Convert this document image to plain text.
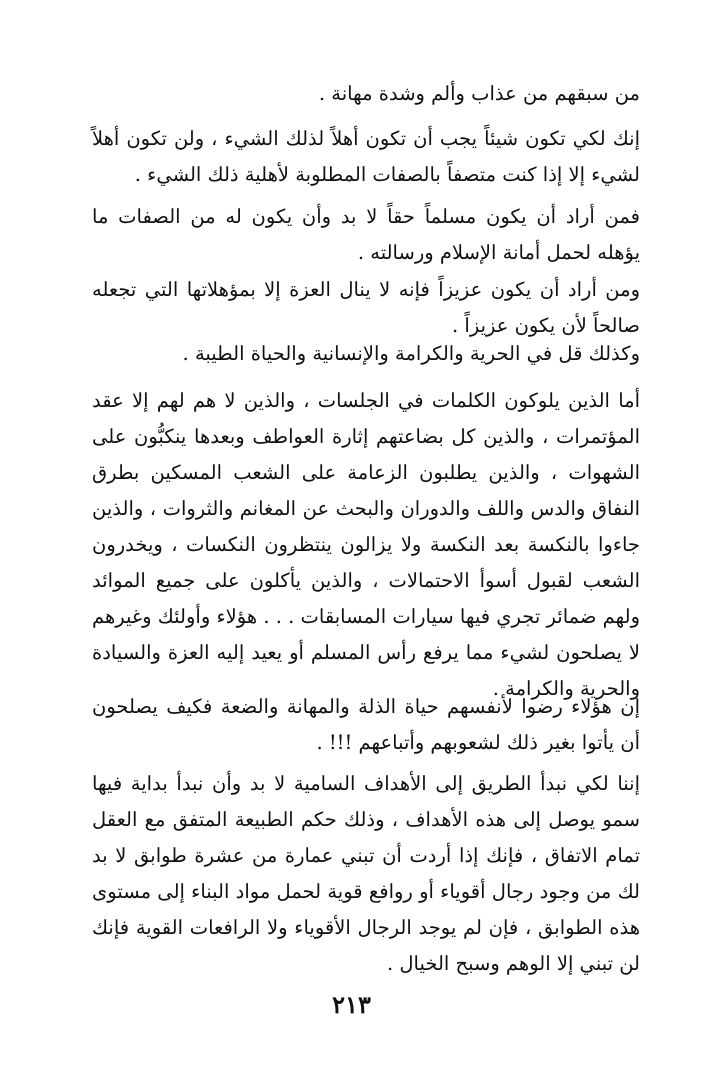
من سبقهم من عذاب وألم وشدة مهانة .

إنك لكي تكون شيئاً يجب أن تكون أهلاً لذلك الشيء ، ولن تكون أهلاً لشيء إلا إذا كنت متصفاً بالصفات المطلوبة لأهلية ذلك الشيء .

فمن أراد أن يكون مسلماً حقاً لا بد وأن يكون له من الصفات ما يؤهله لحمل أمانة الإسلام ورسالته .

ومن أراد أن يكون عزيزاً فإنه لا ينال العزة إلا بمؤهلاتها التي تجعله صالحاً لأن يكون عزيزاً .

وكذلك قل في الحرية والكرامة والإنسانية والحياة الطيبة .

أما الذين يلوكون الكلمات في الجلسات ، والذين لا هم لهم إلا عقد المؤتمرات ، والذين كل بضاعتهم إثارة العواطف وبعدها ينكبُّون على الشهوات ، والذين يطلبون الزعامة على الشعب المسكين بطرق النفاق والدس واللف والدوران والبحث عن المغانم والثروات ، والذين جاءوا بالنكسة بعد النكسة ولا يزالون ينتظرون النكسات ، ويخدرون الشعب لقبول أسوأ الاحتمالات ، والذين يأكلون على جميع الموائد ولهم ضمائر تجري فيها سيارات المسابقات . . . هؤلاء وأولئك وغيرهم لا يصلحون لشيء مما يرفع رأس المسلم أو يعيد إليه العزة والسيادة والحرية والكرامة .

إن هؤلاء رضوا لأنفسهم حياة الذلة والمهانة والضعة فكيف يصلحون أن يأتوا بغير ذلك لشعوبهم وأتباعهم !!! .

إننا لكي نبدأ الطريق إلى الأهداف السامية لا بد وأن نبدأ بداية فيها سمو يوصل إلى هذه الأهداف ، وذلك حكم الطبيعة المتفق مع العقل تمام الاتفاق ، فإنك إذا أردت أن تبني عمارة من عشرة طوابق لا بد لك من وجود رجال أقوياء أو روافع قوية لحمل مواد البناء إلى مستوى هذه الطوابق ، فإن لم يوجد الرجال الأقوياء ولا الرافعات القوية فإنك لن تبني إلا الوهم وسبح الخيال .

٢١٣
